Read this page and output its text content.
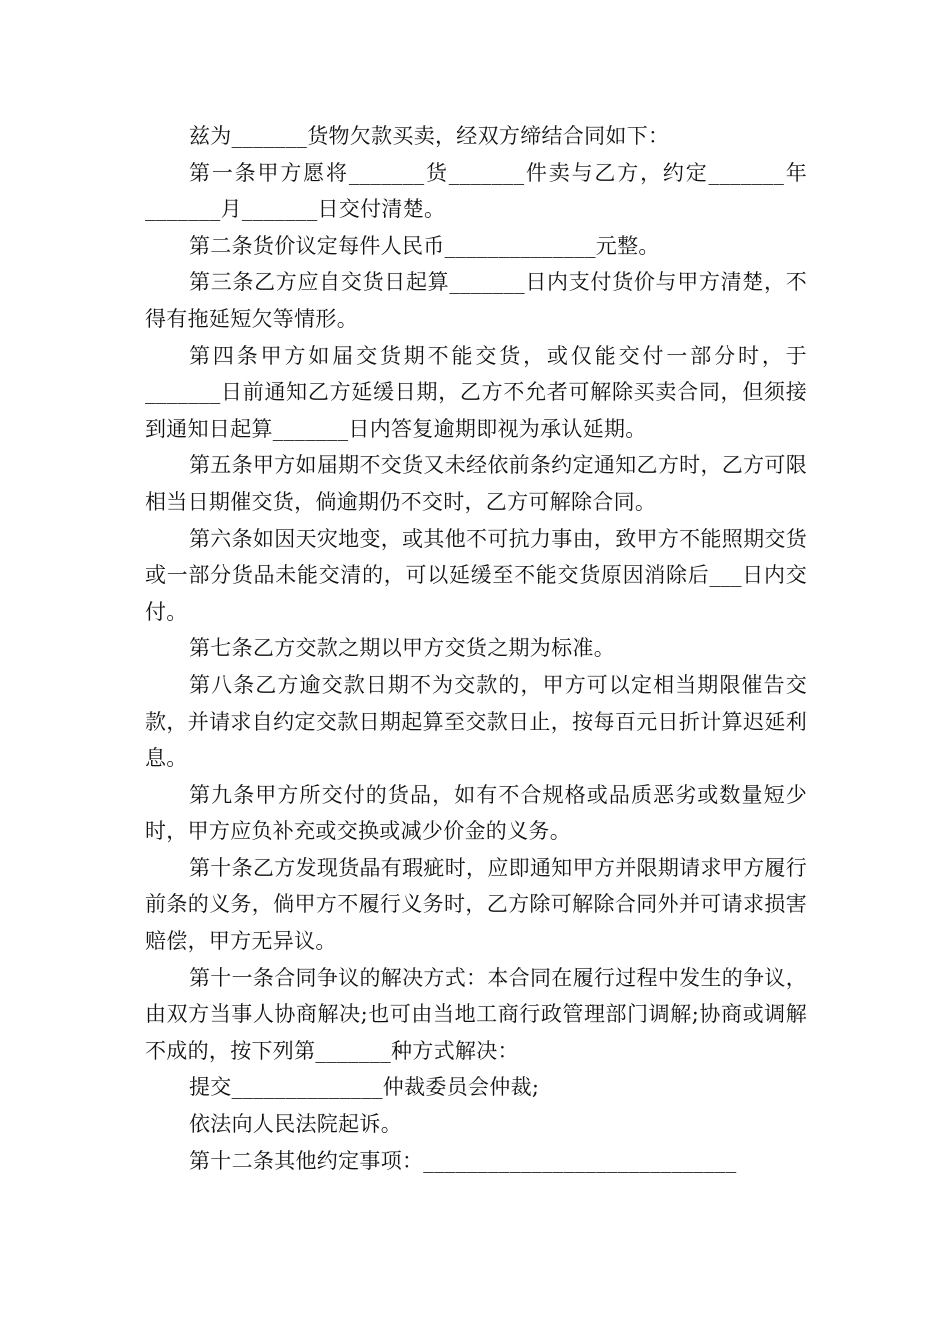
兹为_______货物欠款买卖，经双方缔结合同如下：

第一条甲方愿将_______货_______件卖与乙方，约定_______年_______月_______日交付清楚。

第二条货价议定每件人民币______________元整。

第三条乙方应自交货日起算_______日内支付货价与甲方清楚，不得有拖延短欠等情形。

第四条甲方如届交货期不能交货，或仅能交付一部分时，于_______日前通知乙方延缓日期，乙方不允者可解除买卖合同，但须接到通知日起算_______日内答复逾期即视为承认延期。

第五条甲方如届期不交货又未经依前条约定通知乙方时，乙方可限相当日期催交货，倘逾期仍不交时，乙方可解除合同。

第六条如因天灾地变，或其他不可抗力事由，致甲方不能照期交货或一部分货品未能交清的，可以延缓至不能交货原因消除后___日内交付。

第七条乙方交款之期以甲方交货之期为标准。

第八条乙方逾交款日期不为交款的，甲方可以定相当期限催告交款，并请求自约定交款日期起算至交款日止，按每百元日折计算迟延利息。

第九条甲方所交付的货品，如有不合规格或品质恶劣或数量短少时，甲方应负补充或交换或减少价金的义务。

第十条乙方发现货晶有瑕疵时，应即通知甲方并限期请求甲方履行前条的义务，倘甲方不履行义务时，乙方除可解除合同外并可请求损害赔偿，甲方无异议。

第十一条合同争议的解决方式：本合同在履行过程中发生的争议，由双方当事人协商解决;也可由当地工商行政管理部门调解;协商或调解不成的，按下列第_______种方式解决：

提交______________仲裁委员会仲裁;

依法向人民法院起诉。

第十二条其他约定事项：_____________________________
